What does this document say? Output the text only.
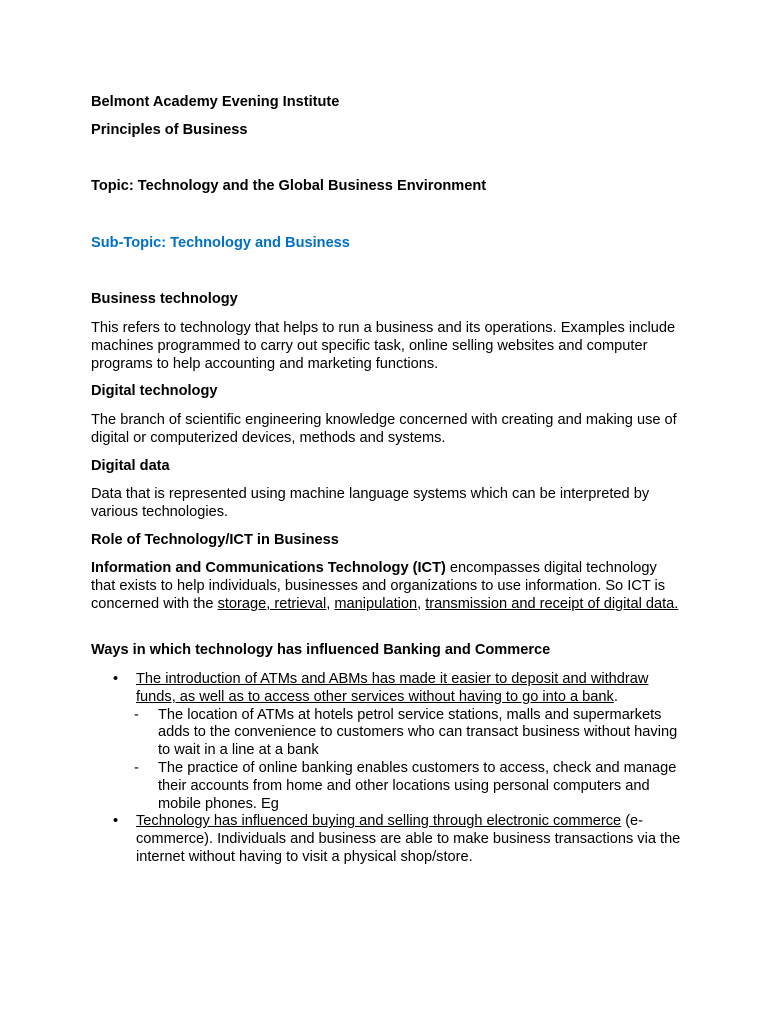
Belmont Academy Evening Institute

Principles of Business

Topic: Technology and the Global Business Environment

Sub-Topic: Technology and Business

Business technology

This refers to technology that helps to run a business and its operations. Examples include machines programmed to carry out specific task, online selling websites and computer programs to help accounting and marketing functions.

Digital technology

The branch of scientific engineering knowledge concerned with creating and making use of digital or computerized devices, methods and systems.

Digital data

Data that is represented using machine language systems which can be interpreted by various technologies.

Role of Technology/ICT in Business

Information and Communications Technology (ICT) encompasses digital technology that exists to help individuals, businesses and organizations to use information. So ICT is concerned with the storage, retrieval, manipulation, transmission and receipt of digital data.

Ways in which technology has influenced Banking and Commerce

• The introduction of ATMs and ABMs has made it easier to deposit and withdraw funds, as well as to access other services without having to go into a bank.

- The location of ATMs at hotels petrol service stations, malls and supermarkets adds to the convenience to customers who can transact business without having to wait in a line at a bank

- The practice of online banking enables customers to access, check and manage their accounts from home and other locations using personal computers and mobile phones. Eg

• Technology has influenced buying and selling through electronic commerce (e-commerce). Individuals and business are able to make business transactions via the internet without having to visit a physical shop/store.
